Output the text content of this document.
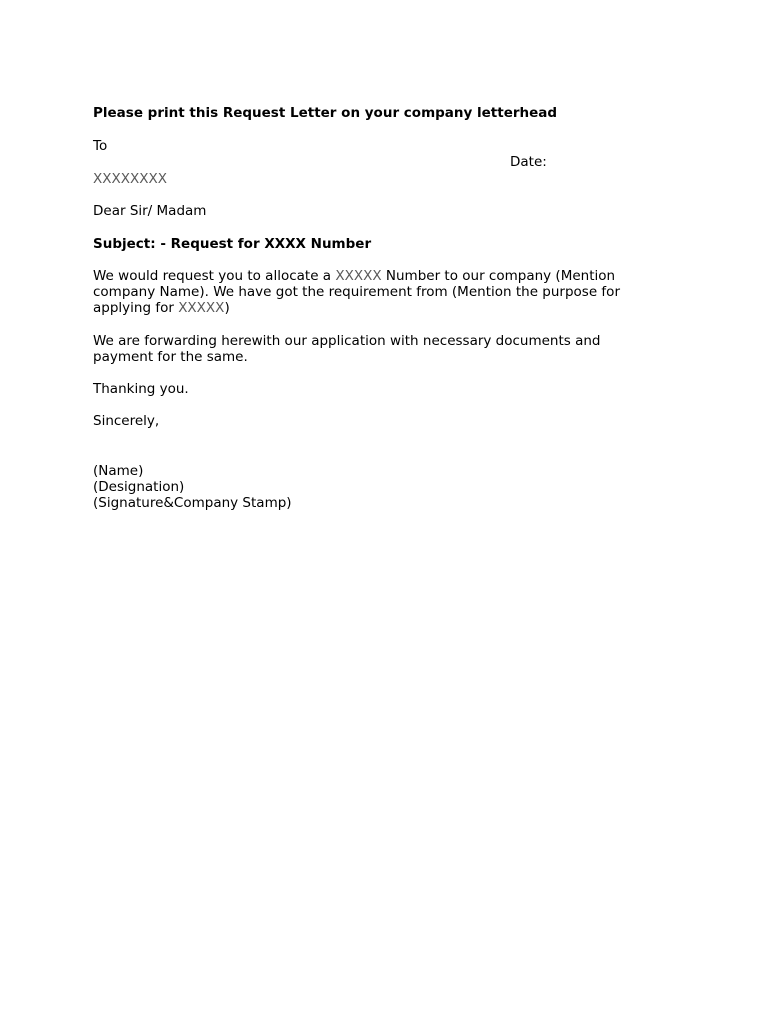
Please print this Request Letter on your company letterhead
To
Date:
XXXXXXXX
Dear Sir/ Madam
Subject: - Request for XXXX Number
We would request you to allocate a XXXXX Number to our company (Mention
company Name). We have got the requirement from (Mention the purpose for
applying for XXXXX)
We are forwarding herewith our application with necessary documents and
payment for the same.
Thanking you.
Sincerely,
(Name)
(Designation)
(Signature&Company Stamp)
